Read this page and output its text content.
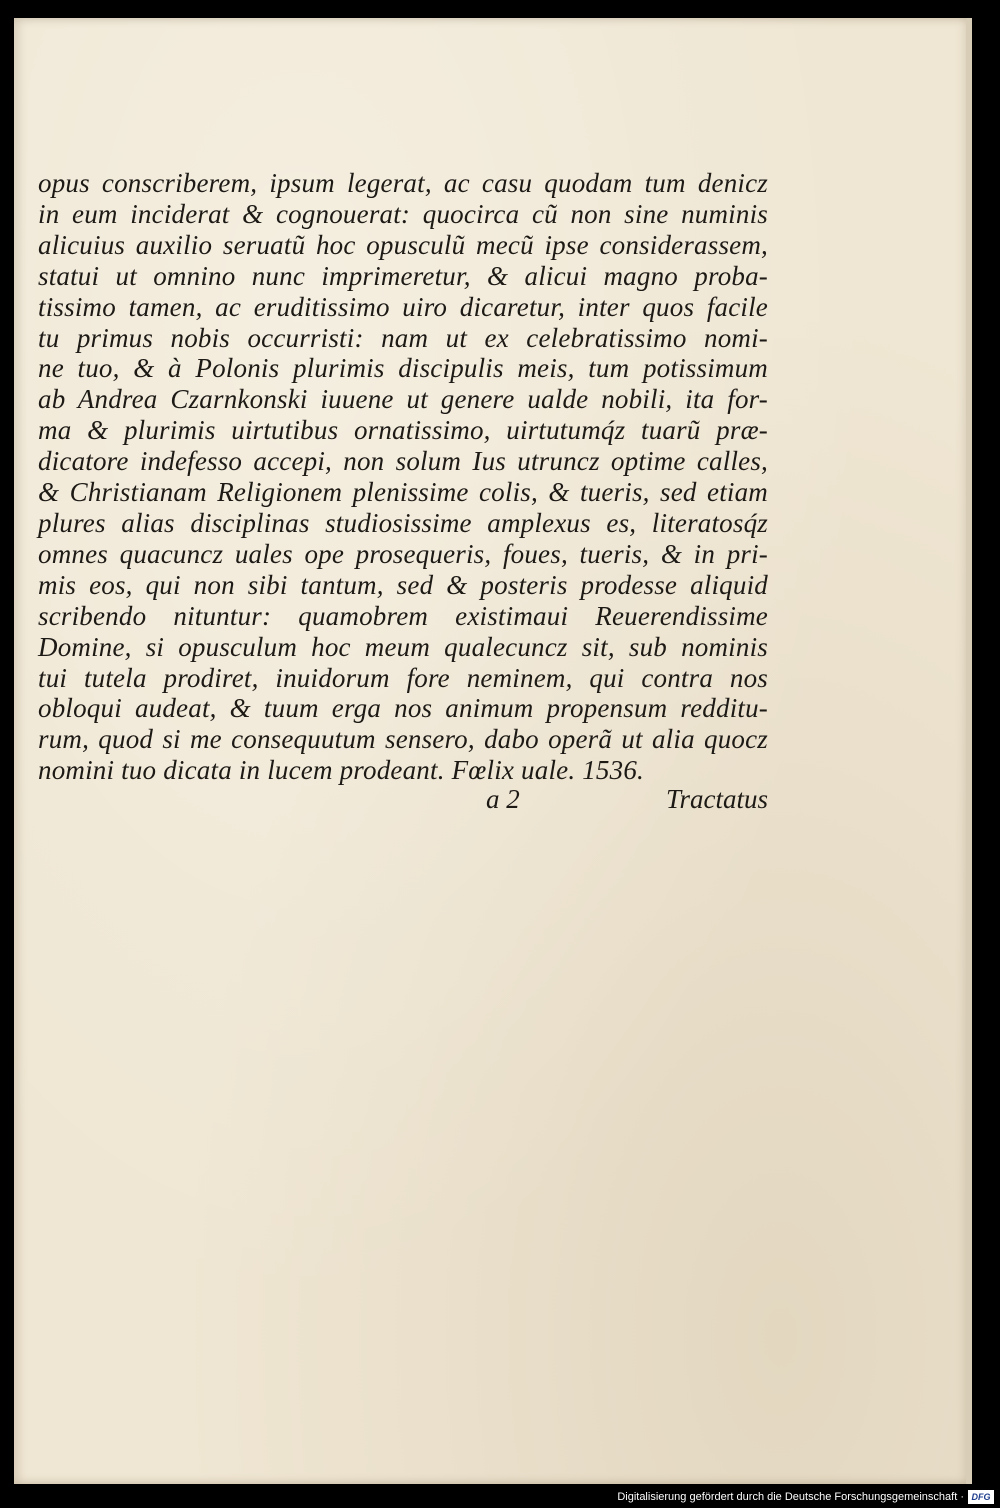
opus conscriberem, ipsum legerat, ac casu quodam tum denicz
in eum inciderat & cognouerat: quocirca cũ non sine numinis
alicuius auxilio seruatũ hoc opusculũ mecũ ipse considerassem,
statui ut omnino nunc imprimeretur, & alicui magno proba-
tissimo tamen, ac eruditissimo uiro dicaretur, inter quos facile
tu primus nobis occurristi: nam ut ex celebratissimo nomi-
ne tuo, & à Polonis plurimis discipulis meis, tum potissimum
ab Andrea Czarnkonski iuuene ut genere ualde nobili, ita for-
ma & plurimis uirtutibus ornatissimo, uirtutumq́z tuarũ præ-
dicatore indefesso accepi, non solum Ius utruncz optime calles,
& Christianam Religionem plenissime colis, & tueris, sed etiam
plures alias disciplinas studiosissime amplexus es, literatosq́z
omnes quacuncz uales ope prosequeris, foues, tueris, & in pri-
mis eos, qui non sibi tantum, sed & posteris prodesse aliquid
scribendo nituntur: quamobrem existimaui Reuerendissime
Domine, si opusculum hoc meum qualecuncz sit, sub nominis
tui tutela prodiret, inuidorum fore neminem, qui contra nos
obloqui audeat, & tuum erga nos animum propensum redditu-
rum, quod si me consequutum sensero, dabo operã ut alia quocz
nomini tuo dicata in lucem prodeant. Fœlix uale. 1536.
a 2	Tractatus
Digitalisierung gefördert durch die Deutsche Forschungsgemeinschaft · DFG
